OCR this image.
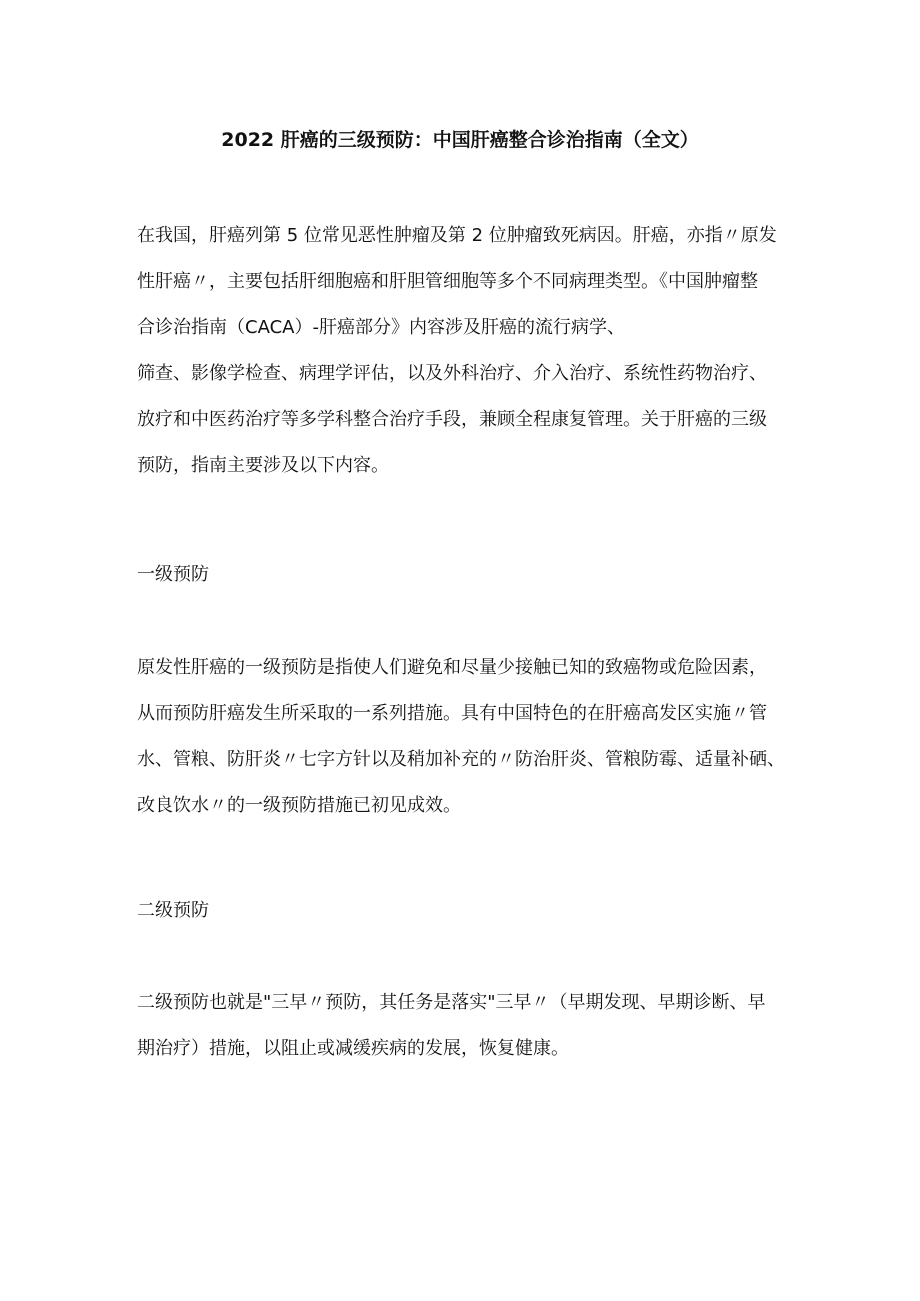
2022 肝癌的三级预防：中国肝癌整合诊治指南（全文）

在我国，肝癌列第 5 位常见恶性肿瘤及第 2 位肿瘤致死病因。肝癌，亦指〃原发
性肝癌〃，主要包括肝细胞癌和肝胆管细胞等多个不同病理类型。《中国肿瘤整
合诊治指南（CACA）-肝癌部分》内容涉及肝癌的流行病学、
筛查、影像学检查、病理学评估，以及外科治疗、介入治疗、系统性药物治疗、
放疗和中医药治疗等多学科整合治疗手段，兼顾全程康复管理。关于肝癌的三级
预防，指南主要涉及以下内容。

一级预防

原发性肝癌的一级预防是指使人们避免和尽量少接触已知的致癌物或危险因素，
从而预防肝癌发生所采取的一系列措施。具有中国特色的在肝癌高发区实施〃管
水、管粮、防肝炎〃七字方针以及稍加补充的〃防治肝炎、管粮防霉、适量补硒、
改良饮水〃的一级预防措施已初见成效。

二级预防

二级预防也就是"三早〃预防，其任务是落实"三早〃（早期发现、早期诊断、早
期治疗）措施，以阻止或减缓疾病的发展，恢复健康。
